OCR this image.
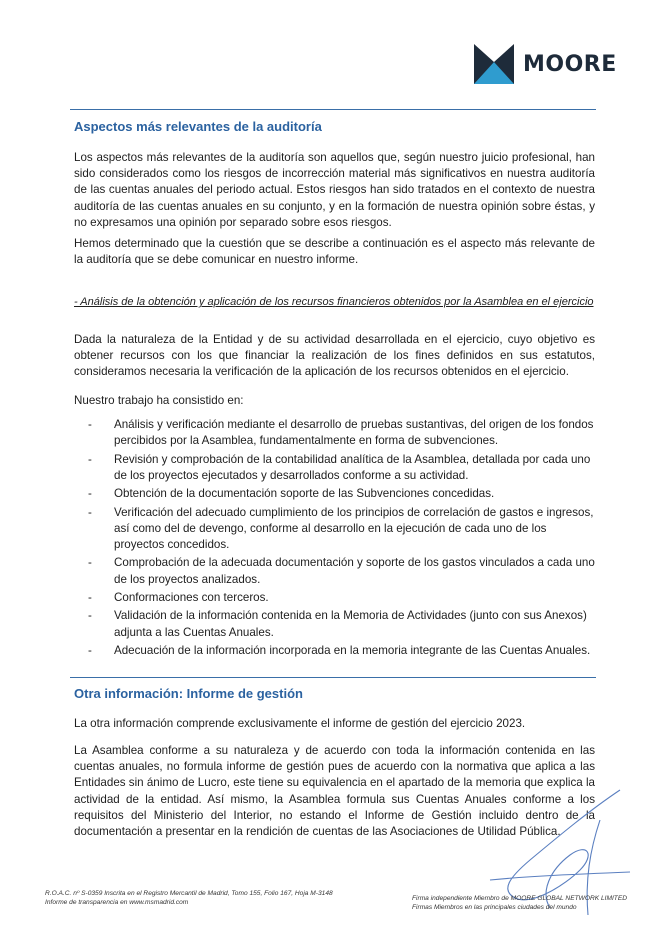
MOORE
Aspectos más relevantes de la auditoría

Los aspectos más relevantes de la auditoría son aquellos que, según nuestro juicio profesional, han sido considerados como los riesgos de incorrección material más significativos en nuestra auditoría de las cuentas anuales del periodo actual. Estos riesgos han sido tratados en el contexto de nuestra auditoría de las cuentas anuales en su conjunto, y en la formación de nuestra opinión sobre éstas, y no expresamos una opinión por separado sobre esos riesgos.

Hemos determinado que la cuestión que se describe a continuación es el aspecto más relevante de la auditoría que se debe comunicar en nuestro informe.

- Análisis de la obtención y aplicación de los recursos financieros obtenidos por la Asamblea en el ejercicio

Dada la naturaleza de la Entidad y de su actividad desarrollada en el ejercicio, cuyo objetivo es obtener recursos con los que financiar la realización de los fines definidos en sus estatutos, consideramos necesaria la verificación de la aplicación de los recursos obtenidos en el ejercicio.

Nuestro trabajo ha consistido en:

- Análisis y verificación mediante el desarrollo de pruebas sustantivas, del origen de los fondos percibidos por la Asamblea, fundamentalmente en forma de subvenciones.
- Revisión y comprobación de la contabilidad analítica de la Asamblea, detallada por cada uno de los proyectos ejecutados y desarrollados conforme a su actividad.
- Obtención de la documentación soporte de las Subvenciones concedidas.
- Verificación del adecuado cumplimiento de los principios de correlación de gastos e ingresos, así como del de devengo, conforme al desarrollo en la ejecución de cada uno de los proyectos concedidos.
- Comprobación de la adecuada documentación y soporte de los gastos vinculados a cada uno de los proyectos analizados.
- Conformaciones con terceros.
- Validación de la información contenida en la Memoria de Actividades (junto con sus Anexos) adjunta a las Cuentas Anuales.
- Adecuación de la información incorporada en la memoria integrante de las Cuentas Anuales.
Otra información: Informe de gestión

La otra información comprende exclusivamente el informe de gestión del ejercicio 2023.

La Asamblea conforme a su naturaleza y de acuerdo con toda la información contenida en las cuentas anuales, no formula informe de gestión pues de acuerdo con la normativa que aplica a las Entidades sin ánimo de Lucro, este tiene su equivalencia en el apartado de la memoria que explica la actividad de la entidad. Así mismo, la Asamblea formula sus Cuentas Anuales conforme a los requisitos del Ministerio del Interior, no estando el Informe de Gestión incluido dentro de la documentación a presentar en la rendición de cuentas de las Asociaciones de Utilidad Pública.

R.O.A.C. nº S-0359 Inscrita en el Registro Mercantil de Madrid, Tomo 155, Folio 167, Hoja M-3148
Informe de transparencia en www.msmadrid.com
Firma independiente Miembro de MOORE GLOBAL NETWORK LIMITED
Firmas Miembros en las principales ciudades del mundo
